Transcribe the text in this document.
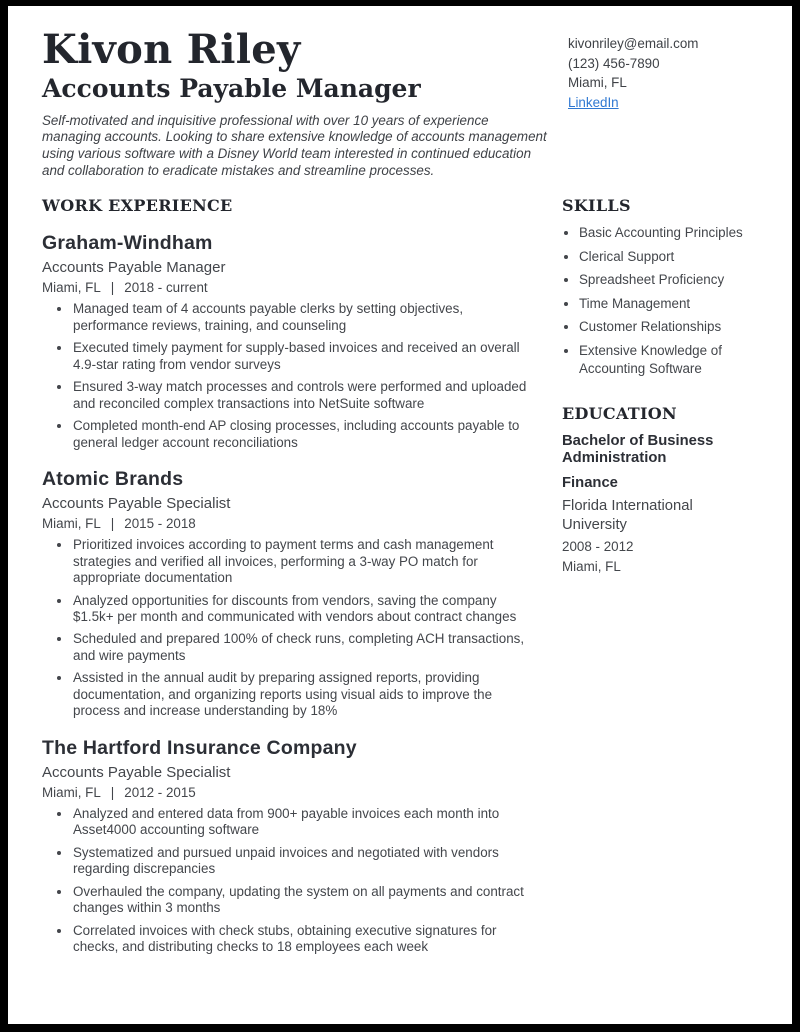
Kivon Riley
Accounts Payable Manager
Self-motivated and inquisitive professional with over 10 years of experience managing accounts. Looking to share extensive knowledge of accounts management using various software with a Disney World team interested in continued education and collaboration to eradicate mistakes and streamline processes.
kivonriley@email.com
(123) 456-7890
Miami, FL
LinkedIn
WORK EXPERIENCE
Graham-Windham
Accounts Payable Manager
Miami, FL | 2018 - current
• Managed team of 4 accounts payable clerks by setting objectives, performance reviews, training, and counseling
• Executed timely payment for supply-based invoices and received an overall 4.9-star rating from vendor surveys
• Ensured 3-way match processes and controls were performed and uploaded and reconciled complex transactions into NetSuite software
• Completed month-end AP closing processes, including accounts payable to general ledger account reconciliations
Atomic Brands
Accounts Payable Specialist
Miami, FL | 2015 - 2018
• Prioritized invoices according to payment terms and cash management strategies and verified all invoices, performing a 3-way PO match for appropriate documentation
• Analyzed opportunities for discounts from vendors, saving the company $1.5k+ per month and communicated with vendors about contract changes
• Scheduled and prepared 100% of check runs, completing ACH transactions, and wire payments
• Assisted in the annual audit by preparing assigned reports, providing documentation, and organizing reports using visual aids to improve the process and increase understanding by 18%
The Hartford Insurance Company
Accounts Payable Specialist
Miami, FL | 2012 - 2015
• Analyzed and entered data from 900+ payable invoices each month into Asset4000 accounting software
• Systematized and pursued unpaid invoices and negotiated with vendors regarding discrepancies
• Overhauled the company, updating the system on all payments and contract changes within 3 months
• Correlated invoices with check stubs, obtaining executive signatures for checks, and distributing checks to 18 employees each week
SKILLS
• Basic Accounting Principles
• Clerical Support
• Spreadsheet Proficiency
• Time Management
• Customer Relationships
• Extensive Knowledge of Accounting Software
EDUCATION
Bachelor of Business Administration
Finance
Florida International University
2008 - 2012
Miami, FL
